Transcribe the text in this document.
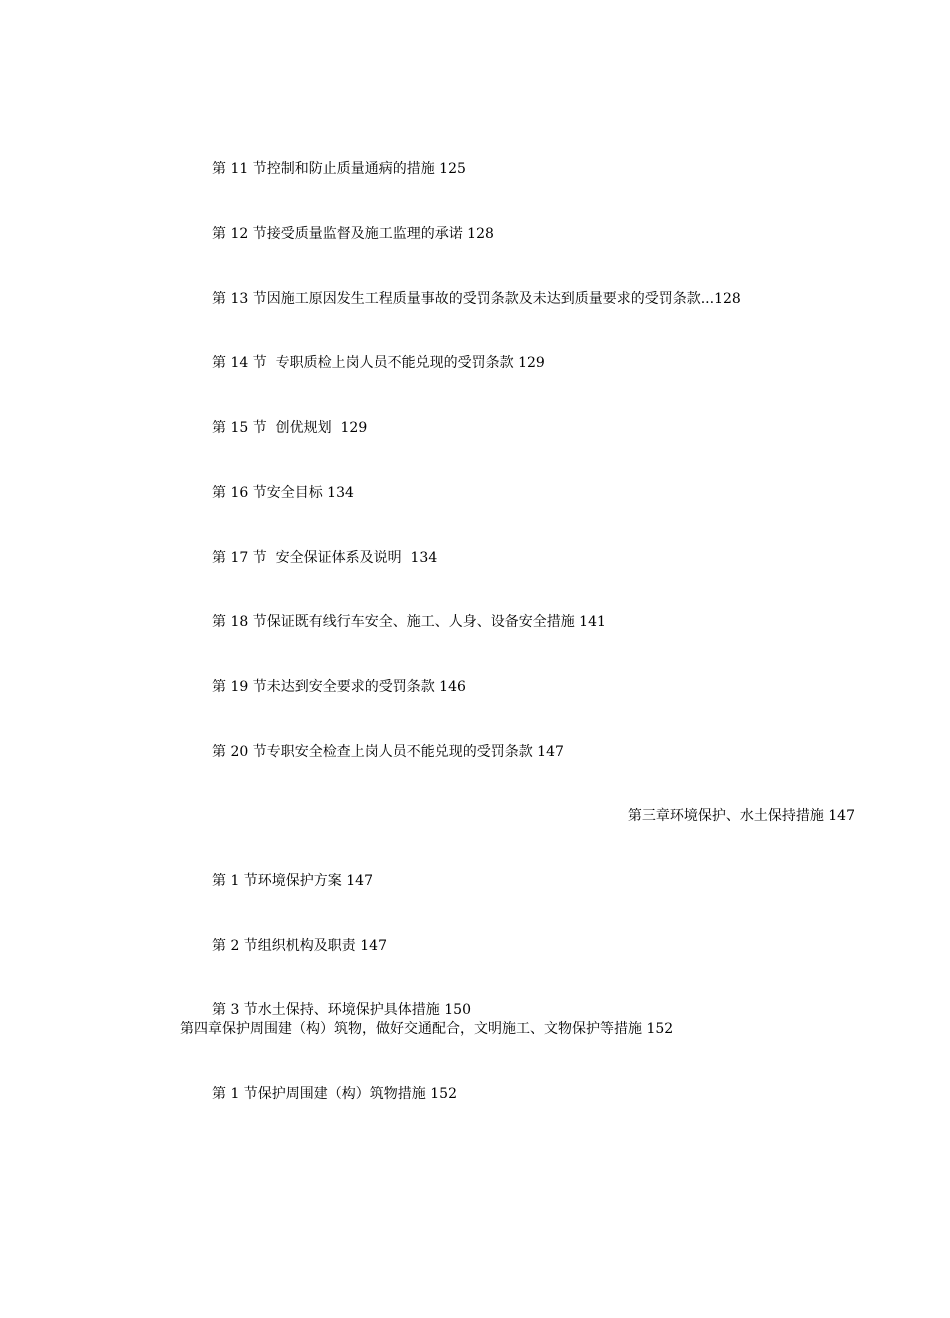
第 11 节控制和防止质量通病的措施 125
第 12 节接受质量监督及施工监理的承诺 128
第 13 节因施工原因发生工程质量事故的受罚条款及未达到质量要求的受罚条款...128
第 14 节  专职质检上岗人员不能兑现的受罚条款 129
第 15 节  创优规划  129
第 16 节安全目标 134
第 17 节  安全保证体系及说明  134
第 18 节保证既有线行车安全、施工、人身、设备安全措施 141
第 19 节未达到安全要求的受罚条款 146
第 20 节专职安全检查上岗人员不能兑现的受罚条款 147
第三章环境保护、水土保持措施 147
第 1 节环境保护方案 147
第 2 节组织机构及职责 147
第 3 节水土保持、环境保护具体措施 150
第四章保护周围建（构）筑物，做好交通配合，文明施工、文物保护等措施 152
第 1 节保护周围建（构）筑物措施 152
